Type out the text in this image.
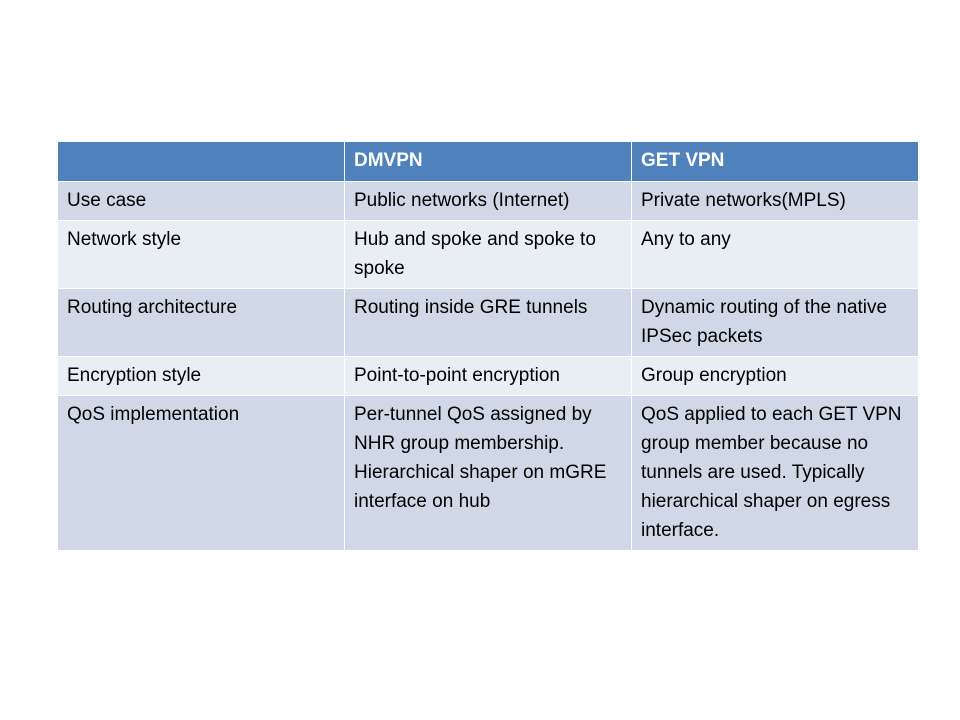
	DMVPN	GET VPN
Use case	Public networks (Internet)	Private networks(MPLS)
Network style	Hub and spoke and spoke to spoke	Any to any
Routing architecture	Routing inside GRE tunnels	Dynamic routing of the native IPSec packets
Encryption style	Point-to-point encryption	Group encryption
QoS implementation	Per-tunnel QoS assigned by NHR group membership. Hierarchical shaper on mGRE interface on hub	QoS applied to each GET VPN group member because no tunnels are used. Typically hierarchical shaper on egress interface.
